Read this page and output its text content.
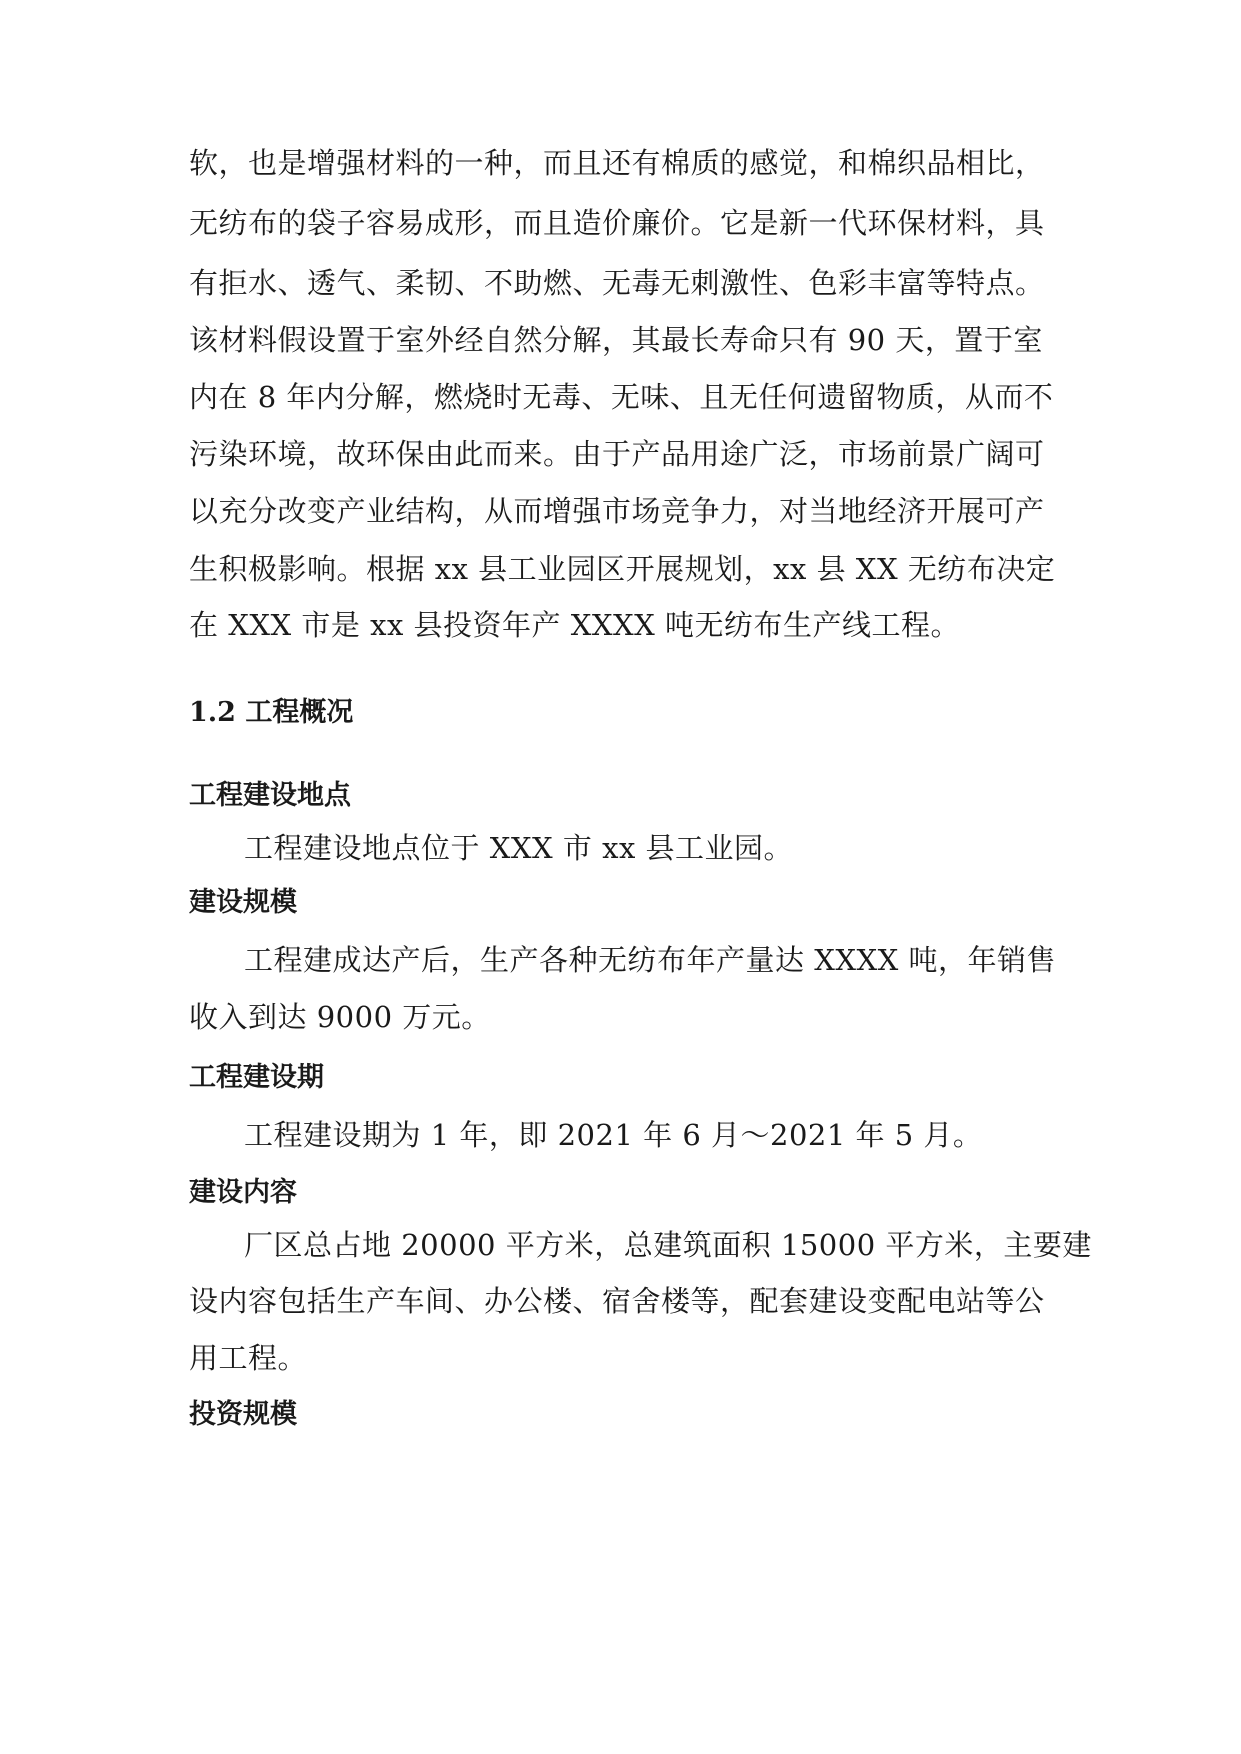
软，也是增强材料的一种，而且还有棉质的感觉，和棉织品相比，
无纺布的袋子容易成形，而且造价廉价。它是新一代环保材料，具
有拒水、透气、柔韧、不助燃、无毒无刺激性、色彩丰富等特点。
该材料假设置于室外经自然分解，其最长寿命只有 90 天，置于室
内在 8 年内分解，燃烧时无毒、无味、且无任何遗留物质，从而不
污染环境，故环保由此而来。由于产品用途广泛，市场前景广阔可
以充分改变产业结构，从而增强市场竞争力，对当地经济开展可产
生积极影响。根据 xx 县工业园区开展规划，xx 县 XX 无纺布决定
在 XXX 市是 xx 县投资年产 XXXX 吨无纺布生产线工程。
1.2 工程概况
工程建设地点
工程建设地点位于 XXX 市 xx 县工业园。
建设规模
工程建成达产后，生产各种无纺布年产量达 XXXX 吨，年销售
收入到达 9000 万元。
工程建设期
工程建设期为 1 年，即 2021 年 6 月～2021 年 5 月。
建设内容
厂区总占地 20000 平方米，总建筑面积 15000 平方米，主要建
设内容包括生产车间、办公楼、宿舍楼等，配套建设变配电站等公
用工程。
投资规模
